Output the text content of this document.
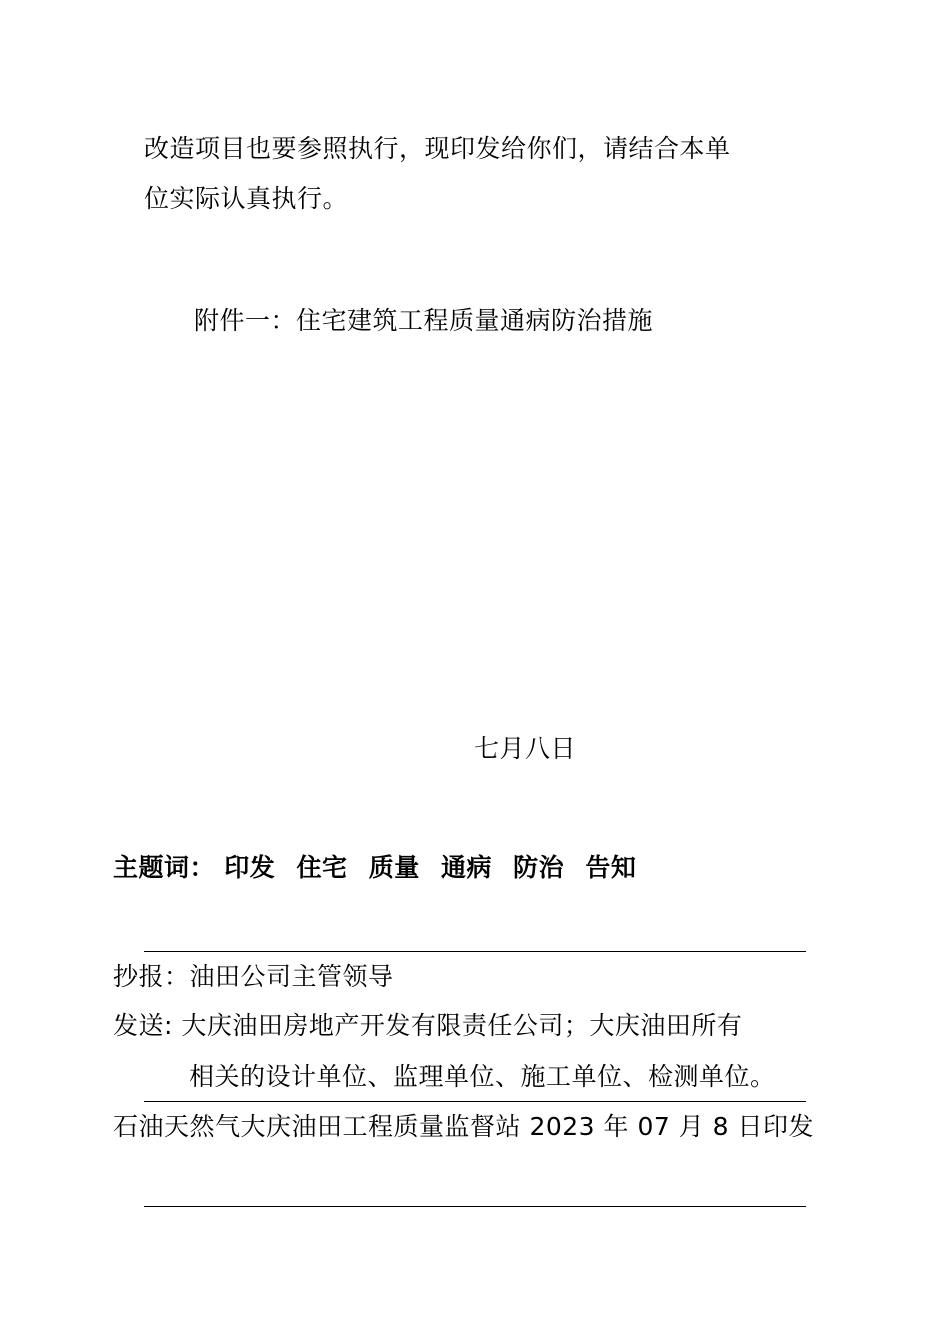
改造项目也要参照执行，现印发给你们，请结合本单
位实际认真执行。
附件一：住宅建筑工程质量通病防治措施
七月八日
主题词： 印发 住宅 质量 通病 防治 告知
抄报：油田公司主管领导
发送: 大庆油田房地产开发有限责任公司；大庆油田所有
相关的设计单位、监理单位、施工单位、检测单位。
石油天然气大庆油田工程质量监督站 2023 年 07 月 8 日印发
